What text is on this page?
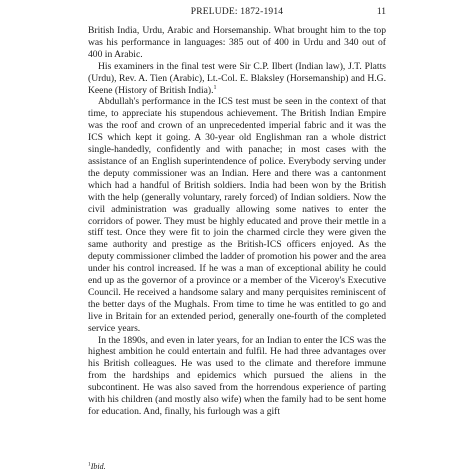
PRELUDE: 1872-1914	11

British India, Urdu, Arabic and Horsemanship. What brought him to the top was his performance in languages: 385 out of 400 in Urdu and 340 out of 400 in Arabic.

His examiners in the final test were Sir C.P. Ilbert (Indian law), J.T. Platts (Urdu), Rev. A. Tien (Arabic), Lt.-Col. E. Blaksley (Horsemanship) and H.G. Keene (History of British India).$^1$

Abdullah's performance in the ICS test must be seen in the context of that time, to appreciate his stupendous achievement. The British Indian Empire was the roof and crown of an unprecedented imperial fabric and it was the ICS which kept it going. A 30-year old Englishman ran a whole district single-handedly, confidently and with panache; in most cases with the assistance of an English superintendence of police. Everybody serving under the deputy commissioner was an Indian. Here and there was a cantonment which had a handful of British soldiers. India had been won by the British with the help (generally voluntary, rarely forced) of Indian soldiers. Now the civil administration was gradually allowing some natives to enter the corridors of power. They must be highly educated and prove their mettle in a stiff test. Once they were fit to join the charmed circle they were given the same authority and prestige as the British-ICS officers enjoyed. As the deputy commissioner climbed the ladder of promotion his power and the area under his control increased. If he was a man of exceptional ability he could end up as the governor of a province or a member of the Viceroy's Executive Council. He received a handsome salary and many perquisites reminiscent of the better days of the Mughals. From time to time he was entitled to go and live in Britain for an extended period, generally one-fourth of the completed service years.

In the 1890s, and even in later years, for an Indian to enter the ICS was the highest ambition he could entertain and fulfil. He had three advantages over his British colleagues. He was used to the climate and therefore immune from the hardships and epidemics which pursued the aliens in the subcontinent. He was also saved from the horrendous experience of parting with his children (and mostly also wife) when the family had to be sent home for education. And, finally, his furlough was a gift

$^1$Ibid.
